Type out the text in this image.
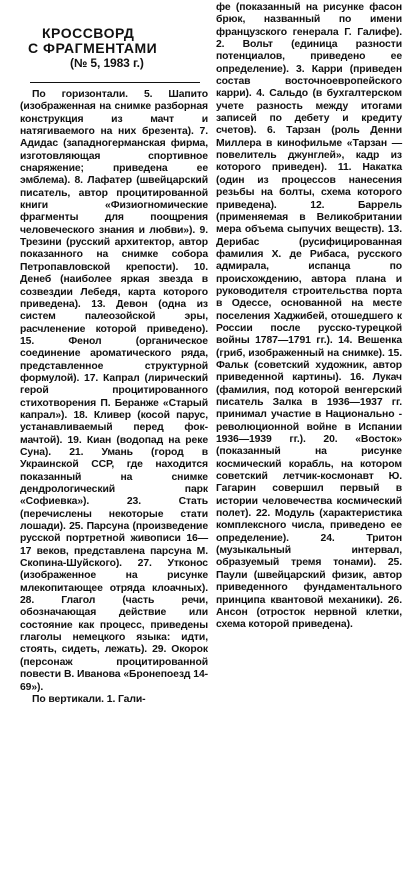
КРОССВОРД
С ФРАГМЕНТАМИ
(№ 5, 1983 г.)

По горизонтали. 5. Шапито (изображенная на снимке разборная конструкция из мачт и натягиваемого на них брезента). 7. Адидас (западногерманская фирма, изготовляющая спортивное снаряжение; приведена ее эмблема). 8. Лафатер (швейцарский писатель, автор процитированной книги «Физиогномические фрагменты для поощрения человеческого знания и любви»). 9. Трезини (русский архитектор, автор показанного на снимке собора Петропавловской крепости). 10. Денеб (наиболее яркая звезда в созвездии Лебедя, карта которого приведена). 13. Девон (одна из систем палеозойской эры, расчленение которой приведено). 15. Фенол (органическое соединение ароматического ряда, представленное структурной формулой). 17. Капрал (лирический герой процитированного стихотворения П. Беранже «Старый капрал»). 18. Кливер (косой парус, устанавливаемый перед фок-мачтой). 19. Киан (водопад на реке Суна). 21. Умань (город в Украинской ССР, где находится показанный на снимке дендрологический парк «Софиевка»). 23. Стать (перечислены некоторые стати лошади). 25. Парсуна (произведение русской портретной живописи 16—17 веков, представлена парсуна М. Скопина-Шуйского). 27. Утконос (изображенное на рисунке млекопитающее отряда клоачных). 28. Глагол (часть речи, обозначающая действие или состояние как процесс, приведены глаголы немецкого языка: идти, стоять, сидеть, лежать). 29. Окорок (персонаж процитированной повести В. Иванова «Бронепоезд 14-69»).

По вертикали. 1. Гали-

фе (показанный на рисунке фасон брюк, названный по имени французского генерала Г. Галифе). 2. Вольт (единица разности потенциалов, приведено ее определение). 3. Карри (приведен состав восточноевропейского карри). 4. Сальдо (в бухгалтерском учете разность между итогами записей по дебету и кредиту счетов). 6. Тарзан (роль Денни Миллера в кинофильме «Тарзан — повелитель джунглей», кадр из которого приведен). 11. Накатка (один из процессов нанесения резьбы на болты, схема которого приведена). 12. Баррель (применяемая в Великобритании мера объема сыпучих веществ). 13. Дерибас (русифицированная фамилия Х. де Рибаса, русского адмирала, испанца по происхождению, автора плана и руководителя строительства порта в Одессе, основанной на месте поселения Хаджибей, отошедшего к России после русско-турецкой войны 1787—1791 гг.). 14. Вешенка (гриб, изображенный на снимке). 15. Фальк (советский художник, автор приведенной картины). 16. Лукач (фамилия, под которой венгерский писатель Залка в 1936—1937 гг. принимал участие в Национально - революционной войне в Испании 1936—1939 гг.). 20. «Восток» (показанный на рисунке космический корабль, на котором советский летчик-космонавт Ю. Гагарин совершил первый в истории человечества космический полет). 22. Модуль (характеристика комплексного числа, приведено ее определение). 24. Тритон (музыкальный интервал, образуемый тремя тонами). 25. Паули (швейцарский физик, автор приведенного фундаментального принципа квантовой механики). 26. Ансон (отросток нервной клетки, схема которой приведена).
